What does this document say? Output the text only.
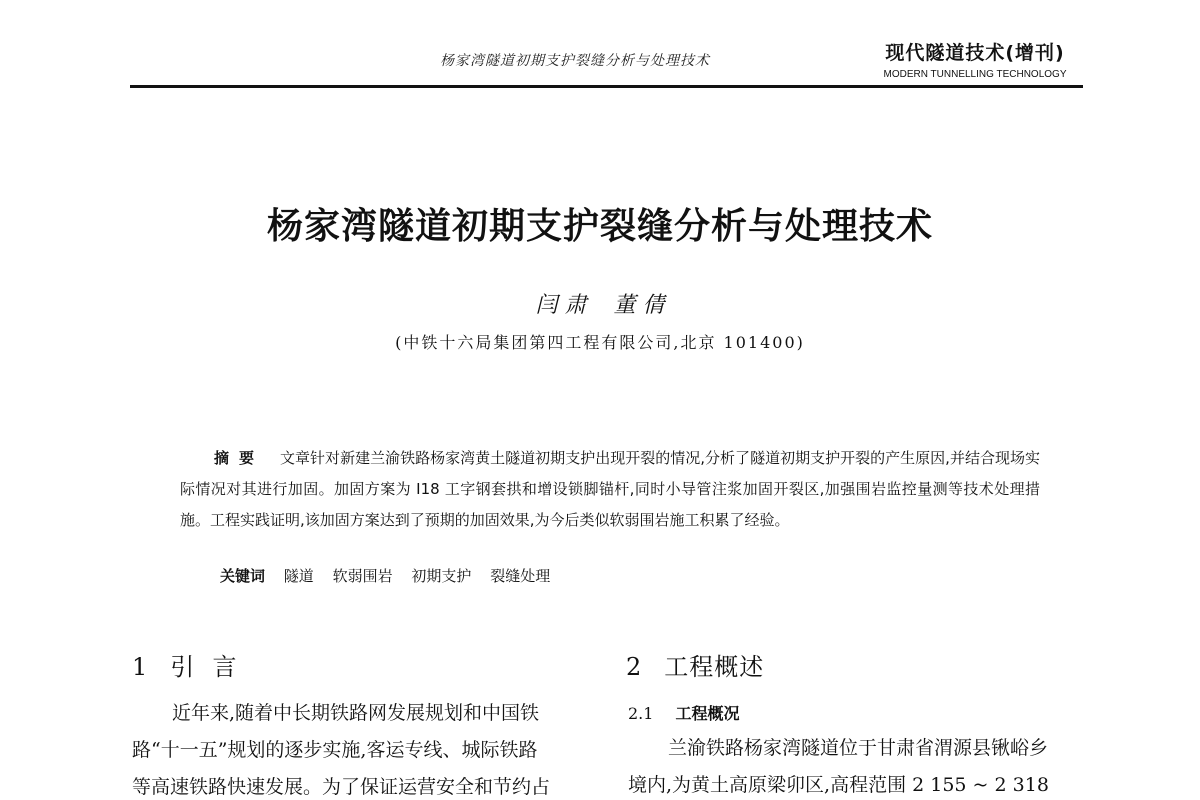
杨家湾隧道初期支护裂缝分析与处理技术	现代隧道技术(增刊)
MODERN TUNNELLING TECHNOLOGY
杨家湾隧道初期支护裂缝分析与处理技术
闫 肃 董 倩
(中铁十六局集团第四工程有限公司,北京 101400)
摘要 文章针对新建兰渝铁路杨家湾黄土隧道初期支护出现开裂的情况,分析了隧道初期支护开裂的产生原因,并结合现场实际情况对其进行加固。加固方案为 I18 工字钢套拱和增设锁脚锚杆,同时小导管注浆加固开裂区,加强围岩监控量测等技术处理措施。工程实践证明,该加固方案达到了预期的加固效果,为今后类似软弱围岩施工积累了经验。
关键词 隧道 软弱围岩 初期支护 裂缝处理
1 引  言
近年来,随着中长期铁路网发展规划和中国铁
路“十一五”规划的逐步实施,客运专线、城际铁路
等高速铁路快速发展。为了保证运营安全和节约占
2 工程概述
2.1 工程概况
兰渝铁路杨家湾隧道位于甘肃省渭源县锹峪乡
境内,为黄土高原梁卯区,高程范围 2 155 ~ 2 318
